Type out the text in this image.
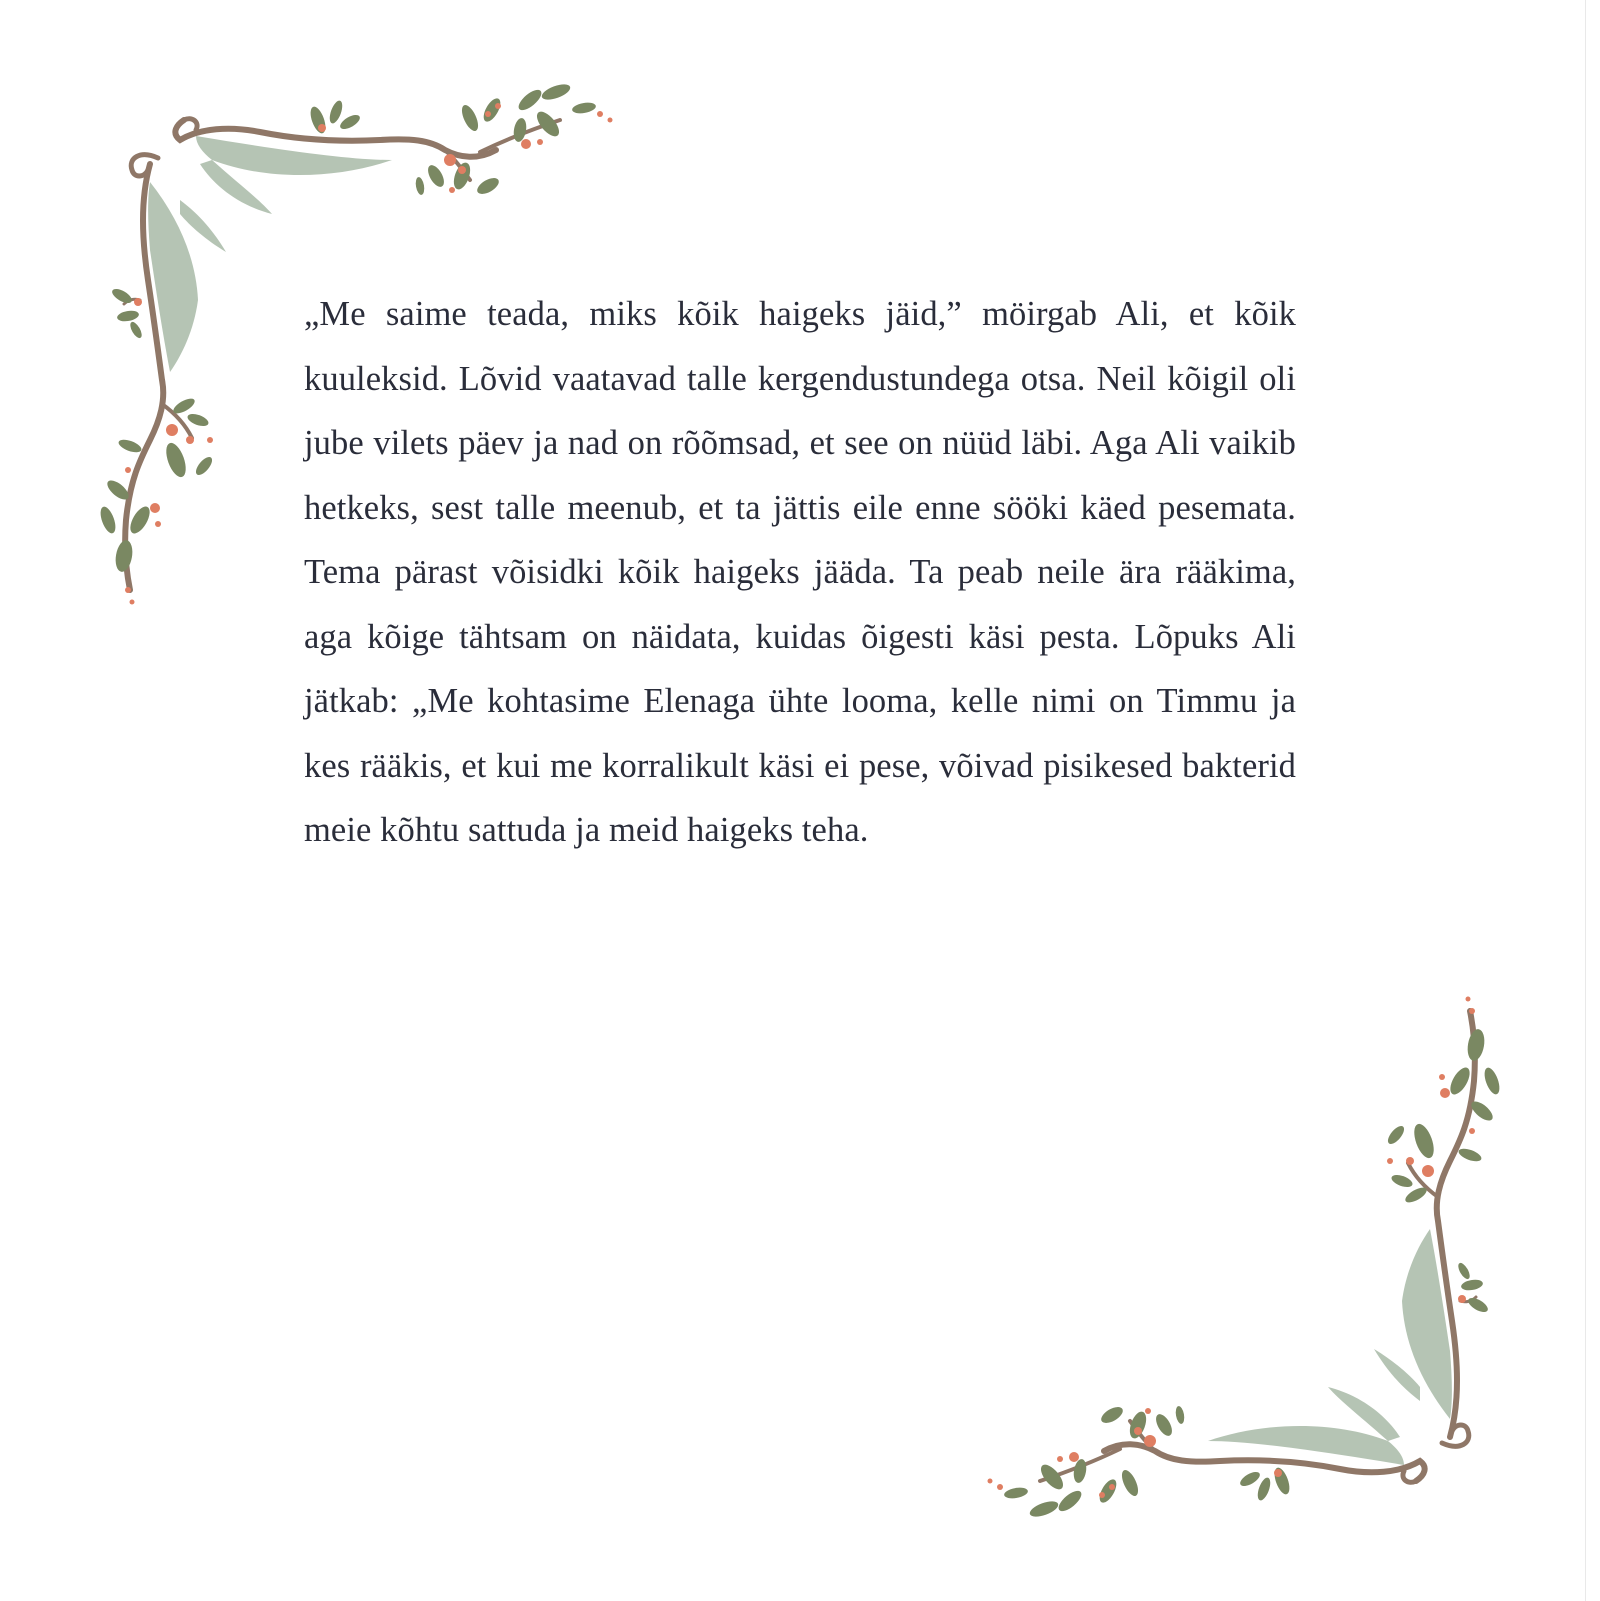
„Me saime teada, miks kõik haigeks jäid,” möirgab Ali, et kõik kuuleksid. Lõvid vaatavad talle kergendustundega otsa. Neil kõigil oli jube vilets päev ja nad on rõõmsad, et see on nüüd läbi. Aga Ali vaikib hetkeks, sest talle meenub, et ta jättis eile enne sööki käed pesemata. Tema pärast võisidki kõik haigeks jääda. Ta peab neile ära rääkima, aga kõige tähtsam on näidata, kuidas õigesti käsi pesta. Lõpuks Ali jätkab: „Me kohtasime Elenaga ühte looma, kelle nimi on Timmu ja kes rääkis, et kui me korralikult käsi ei pese, võivad pisikesed bakterid meie kõhtu sattuda ja meid haigeks teha.
